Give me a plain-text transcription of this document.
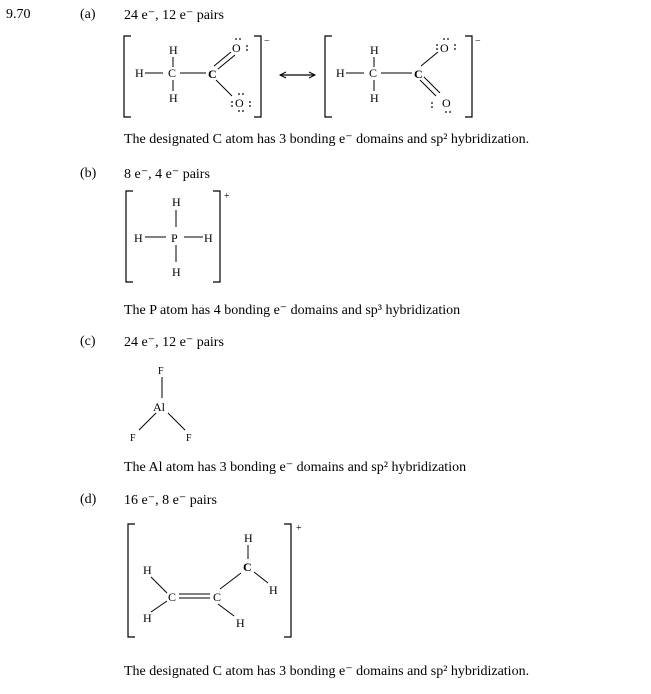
9.70	(a) 24 e⁻, 12 e⁻ pairs
The designated C atom has 3 bonding e⁻ domains and sp² hybridization.
(b) 8 e⁻, 4 e⁻ pairs
The P atom has 4 bonding e⁻ domains and sp³ hybridization
(c) 24 e⁻, 12 e⁻ pairs
The Al atom has 3 bonding e⁻ domains and sp² hybridization
(d) 16 e⁻, 8 e⁻ pairs
The designated C atom has 3 bonding e⁻ domains and sp² hybridization.
−
H
H C
H
C
O
O
−
H
H C
H
C
O
O
+
H
H P H
H
F
Al
F	F
+
H
H
C	C
H
C
H
H
